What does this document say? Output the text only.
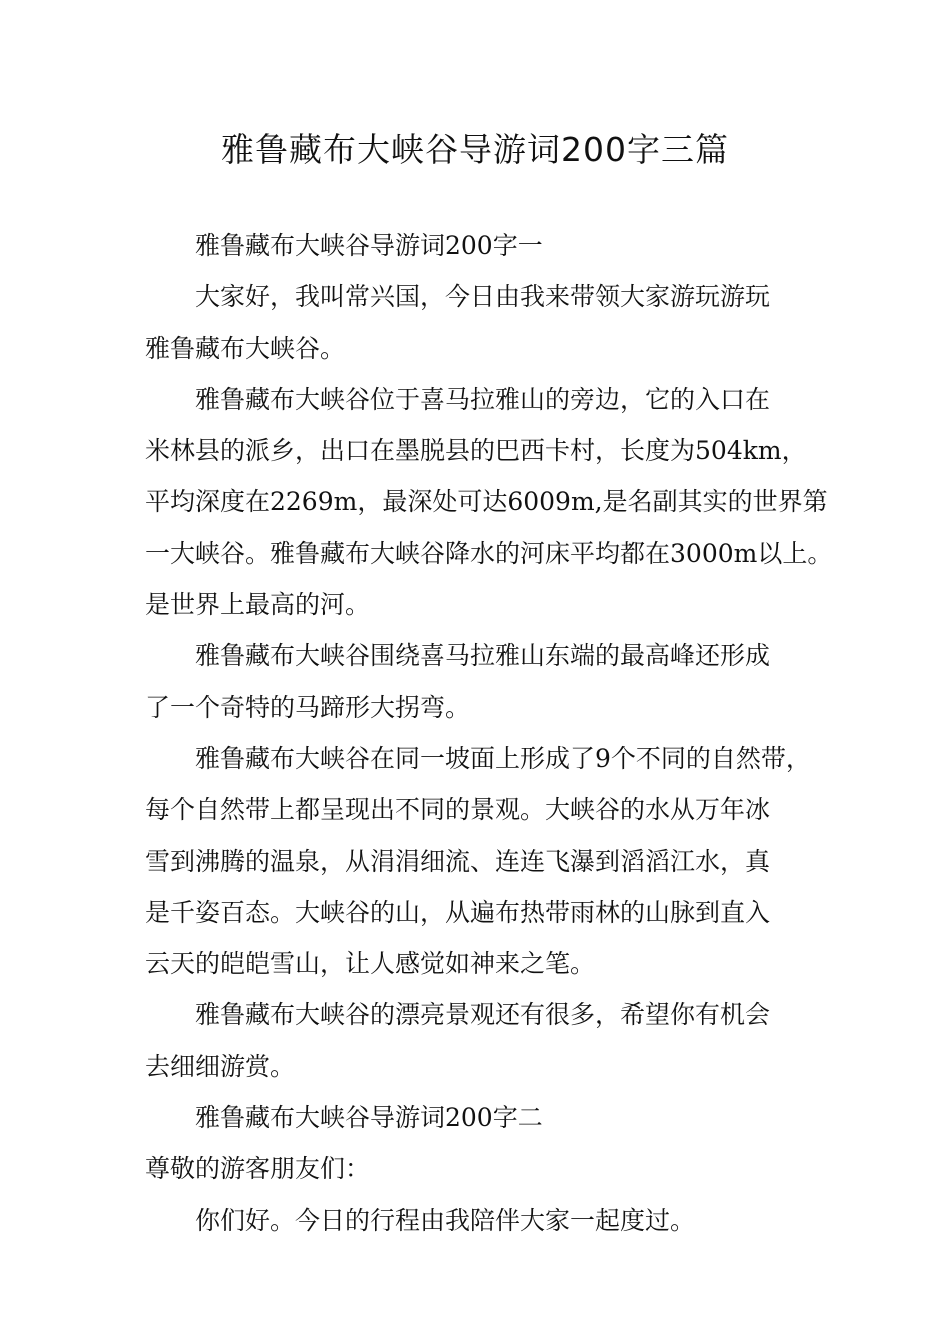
雅鲁藏布大峡谷导游词200字三篇
雅鲁藏布大峡谷导游词200字一
大家好，我叫常兴国，今日由我来带领大家游玩游玩
雅鲁藏布大峡谷。
雅鲁藏布大峡谷位于喜马拉雅山的旁边，它的入口在
米林县的派乡，出口在墨脱县的巴西卡村，长度为504km，
平均深度在2269m，最深处可达6009m,是名副其实的世界第
一大峡谷。雅鲁藏布大峡谷降水的河床平均都在3000m以上。
是世界上最高的河。
雅鲁藏布大峡谷围绕喜马拉雅山东端的最高峰还形成
了一个奇特的马蹄形大拐弯。
雅鲁藏布大峡谷在同一坡面上形成了9个不同的自然带，
每个自然带上都呈现出不同的景观。大峡谷的水从万年冰
雪到沸腾的温泉，从涓涓细流、连连飞瀑到滔滔江水，真
是千姿百态。大峡谷的山，从遍布热带雨林的山脉到直入
云天的皑皑雪山，让人感觉如神来之笔。
雅鲁藏布大峡谷的漂亮景观还有很多，希望你有机会
去细细游赏。
雅鲁藏布大峡谷导游词200字二
尊敬的游客朋友们：
你们好。今日的行程由我陪伴大家一起度过。
